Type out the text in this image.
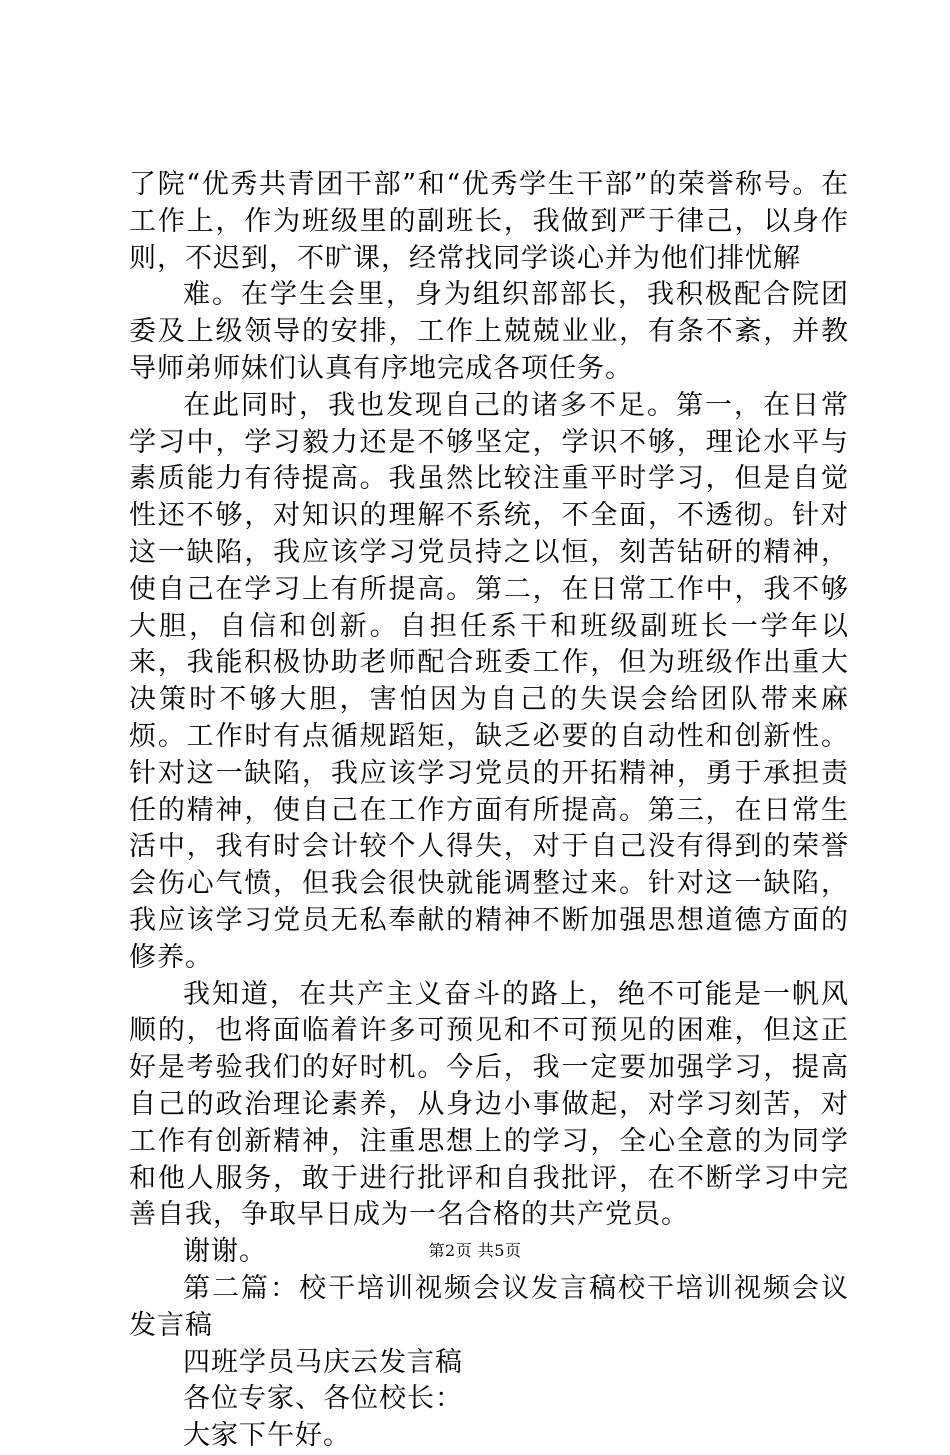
了院“优秀共青团干部”和“优秀学生干部”的荣誉称号。在工作上，作为班级里的副班长，我做到严于律己，以身作则，不迟到，不旷课，经常找同学谈心并为他们排忧解

难。在学生会里，身为组织部部长，我积极配合院团委及上级领导的安排，工作上兢兢业业，有条不紊，并教导师弟师妹们认真有序地完成各项任务。

在此同时，我也发现自己的诸多不足。第一，在日常学习中，学习毅力还是不够坚定，学识不够，理论水平与素质能力有待提高。我虽然比较注重平时学习，但是自觉性还不够，对知识的理解不系统，不全面，不透彻。针对这一缺陷，我应该学习党员持之以恒，刻苦钻研的精神，使自己在学习上有所提高。第二，在日常工作中，我不够大胆，自信和创新。自担任系干和班级副班长一学年以来，我能积极协助老师配合班委工作，但为班级作出重大决策时不够大胆，害怕因为自己的失误会给团队带来麻烦。工作时有点循规蹈矩，缺乏必要的自动性和创新性。针对这一缺陷，我应该学习党员的开拓精神，勇于承担责任的精神，使自己在工作方面有所提高。第三，在日常生活中，我有时会计较个人得失，对于自己没有得到的荣誉会伤心气愤，但我会很快就能调整过来。针对这一缺陷，我应该学习党员无私奉献的精神不断加强思想道德方面的修养。

我知道，在共产主义奋斗的路上，绝不可能是一帆风顺的，也将面临着许多可预见和不可预见的困难，但这正好是考验我们的好时机。今后，我一定要加强学习，提高自己的政治理论素养，从身边小事做起，对学习刻苦，对工作有创新精神，注重思想上的学习，全心全意的为同学和他人服务，敢于进行批评和自我批评，在不断学习中完善自我，争取早日成为一名合格的共产党员。

谢谢。

第二篇：校干培训视频会议发言稿校干培训视频会议发言稿

四班学员马庆云发言稿

各位专家、各位校长：

大家下午好。

第2页 共5页
